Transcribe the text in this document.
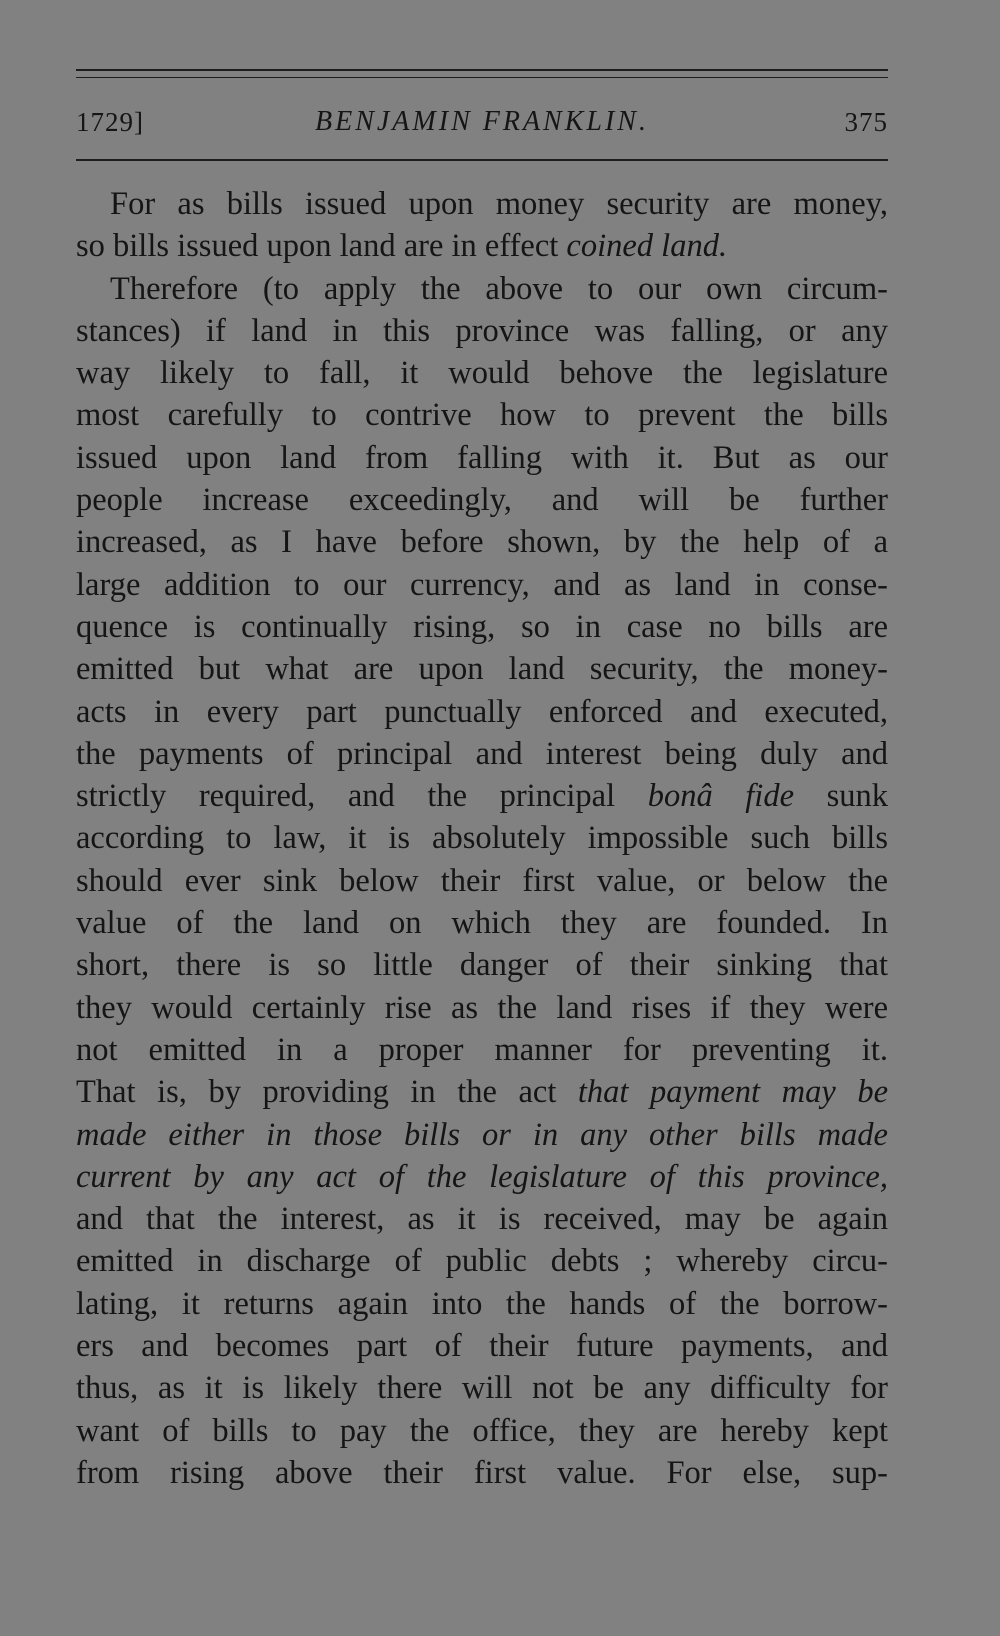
1729]	BENJAMIN FRANKLIN.	375
For as bills issued upon money security are money,
so bills issued upon land are in effect coined land.
Therefore (to apply the above to our own circum-
stances) if land in this province was falling, or any
way likely to fall, it would behove the legislature
most carefully to contrive how to prevent the bills
issued upon land from falling with it. But as our
people increase exceedingly, and will be further
increased, as I have before shown, by the help of a
large addition to our currency, and as land in conse-
quence is continually rising, so in case no bills are
emitted but what are upon land security, the money-
acts in every part punctually enforced and executed,
the payments of principal and interest being duly and
strictly required, and the principal bonâ fide sunk
according to law, it is absolutely impossible such bills
should ever sink below their first value, or below the
value of the land on which they are founded. In
short, there is so little danger of their sinking that
they would certainly rise as the land rises if they were
not emitted in a proper manner for preventing it.
That is, by providing in the act that payment may be
made either in those bills or in any other bills made
current by any act of the legislature of this province,
and that the interest, as it is received, may be again
emitted in discharge of public debts ; whereby circu-
lating, it returns again into the hands of the borrow-
ers and becomes part of their future payments, and
thus, as it is likely there will not be any difficulty for
want of bills to pay the office, they are hereby kept
from rising above their first value. For else, sup-
